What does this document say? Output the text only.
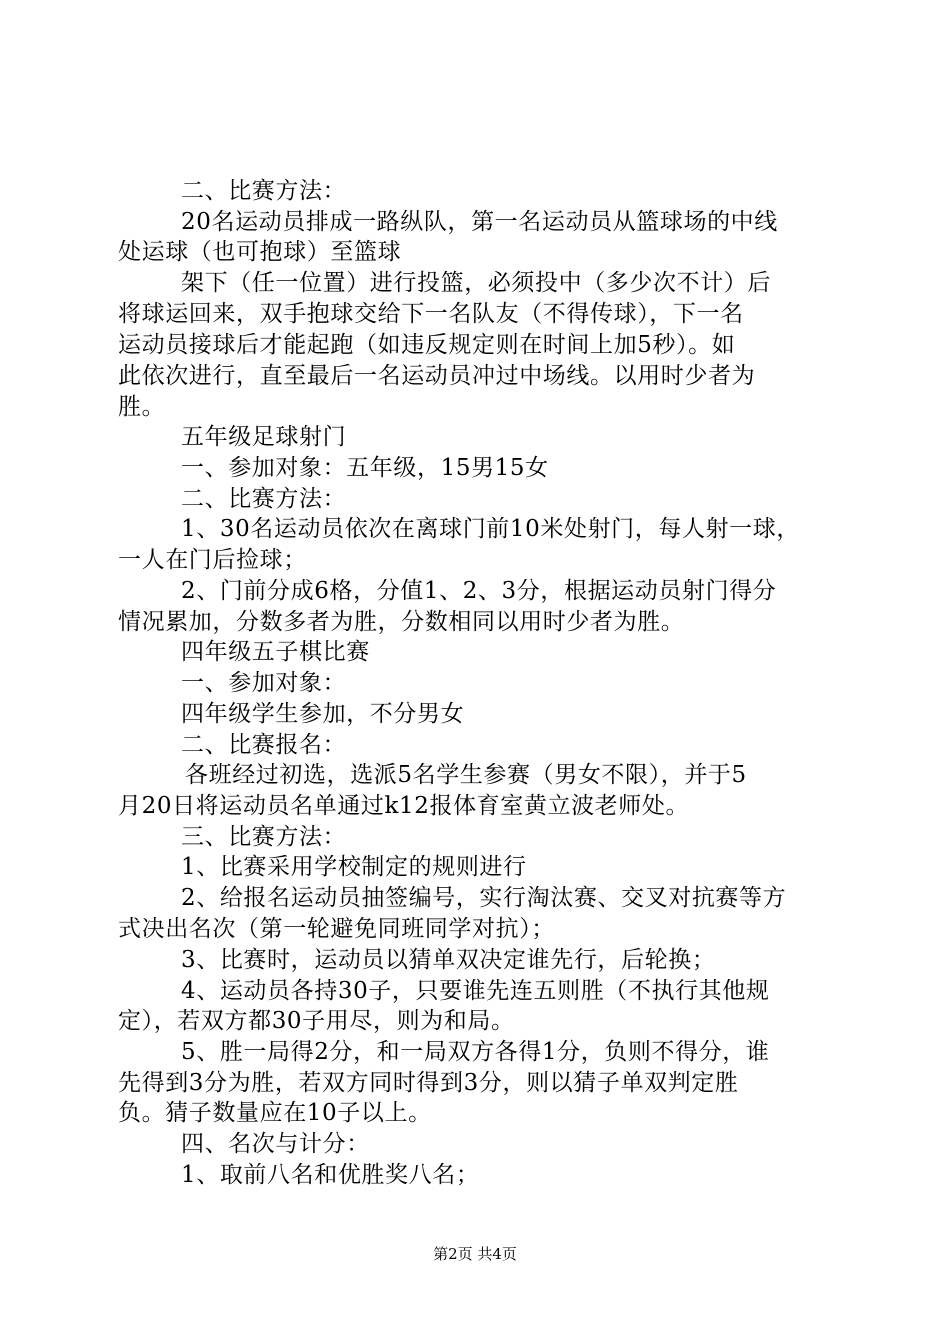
二、比赛方法：
20名运动员排成一路纵队，第一名运动员从篮球场的中线
处运球（也可抱球）至篮球
架下（任一位置）进行投篮，必须投中（多少次不计）后
将球运回来，双手抱球交给下一名队友（不得传球），下一名
运动员接球后才能起跑（如违反规定则在时间上加5秒）。如
此依次进行，直至最后一名运动员冲过中场线。以用时少者为
胜。
五年级足球射门
一、参加对象：五年级，15男15女
二、比赛方法：
1、30名运动员依次在离球门前10米处射门，每人射一球，
一人在门后捡球；
2、门前分成6格，分值1、2、3分，根据运动员射门得分
情况累加，分数多者为胜，分数相同以用时少者为胜。
四年级五子棋比赛
一、参加对象：
四年级学生参加，不分男女
二、比赛报名：
各班经过初选，选派5名学生参赛（男女不限），并于5
月20日将运动员名单通过k12报体育室黄立波老师处。
三、比赛方法：
1、比赛采用学校制定的规则进行
2、给报名运动员抽签编号，实行淘汰赛、交叉对抗赛等方
式决出名次（第一轮避免同班同学对抗）；
3、比赛时，运动员以猜单双决定谁先行，后轮换；
4、运动员各持30子，只要谁先连五则胜（不执行其他规
定），若双方都30子用尽，则为和局。
5、胜一局得2分，和一局双方各得1分，负则不得分，谁
先得到3分为胜，若双方同时得到3分，则以猜子单双判定胜
负。猜子数量应在10子以上。
四、名次与计分：
1、取前八名和优胜奖八名；
第2页 共4页
